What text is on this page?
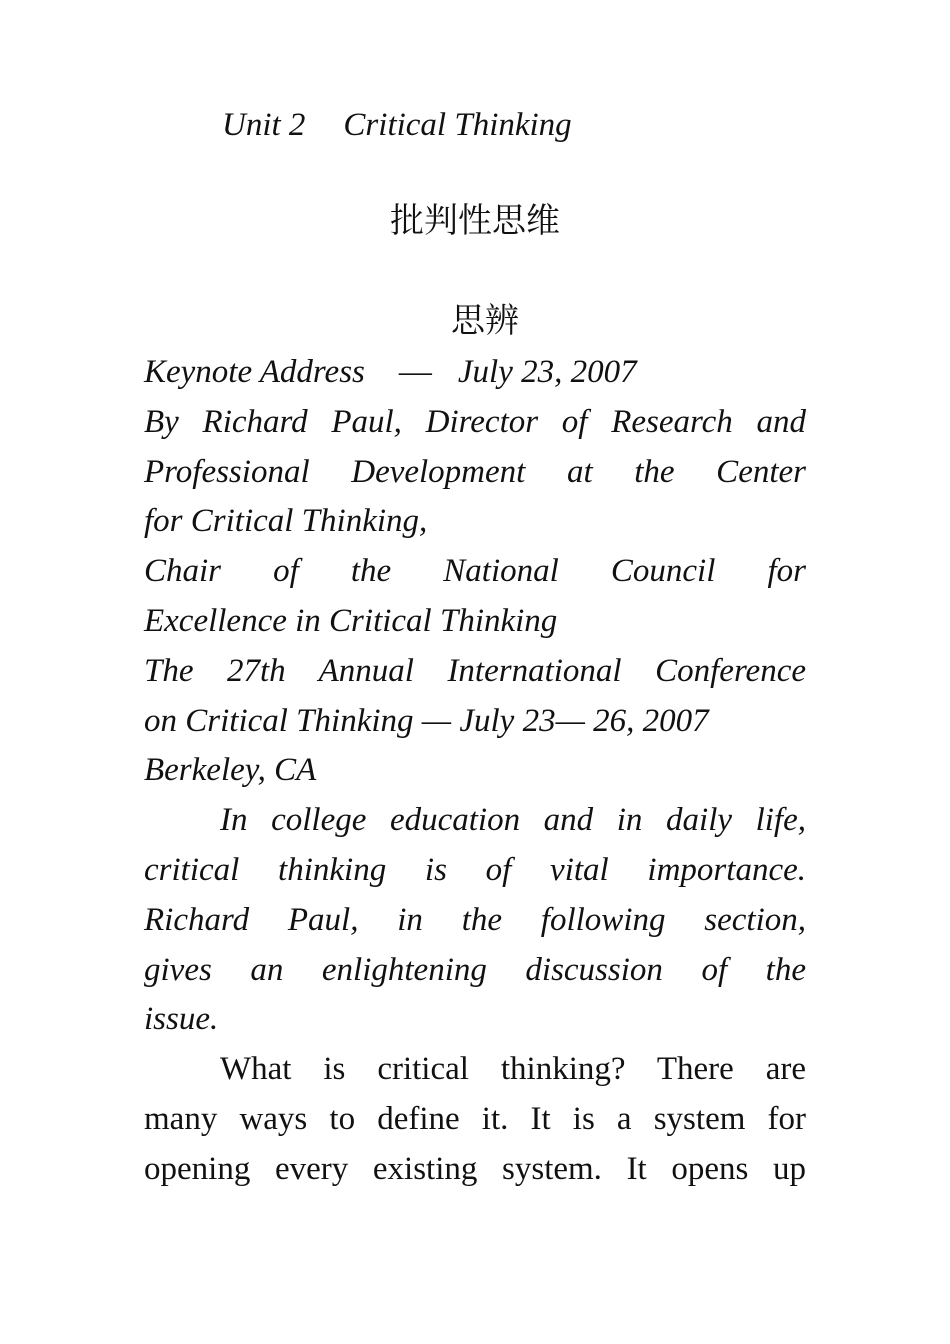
Unit 2 Critical Thinking
批判性思维
思辨
Keynote Address — July 23, 2007
By Richard Paul, Director of Research and
Professional Development at the Center
for Critical Thinking,
Chair of the National Council for
Excellence in Critical Thinking
The 27th Annual International Conference
on Critical Thinking — July 23— 26, 2007
Berkeley, CA
In college education and in daily life,
critical thinking is of vital importance.
Richard Paul, in the following section,
gives an enlightening discussion of the
issue.
What is critical thinking? There are
many ways to define it. It is a system for
opening every existing system. It opens up
